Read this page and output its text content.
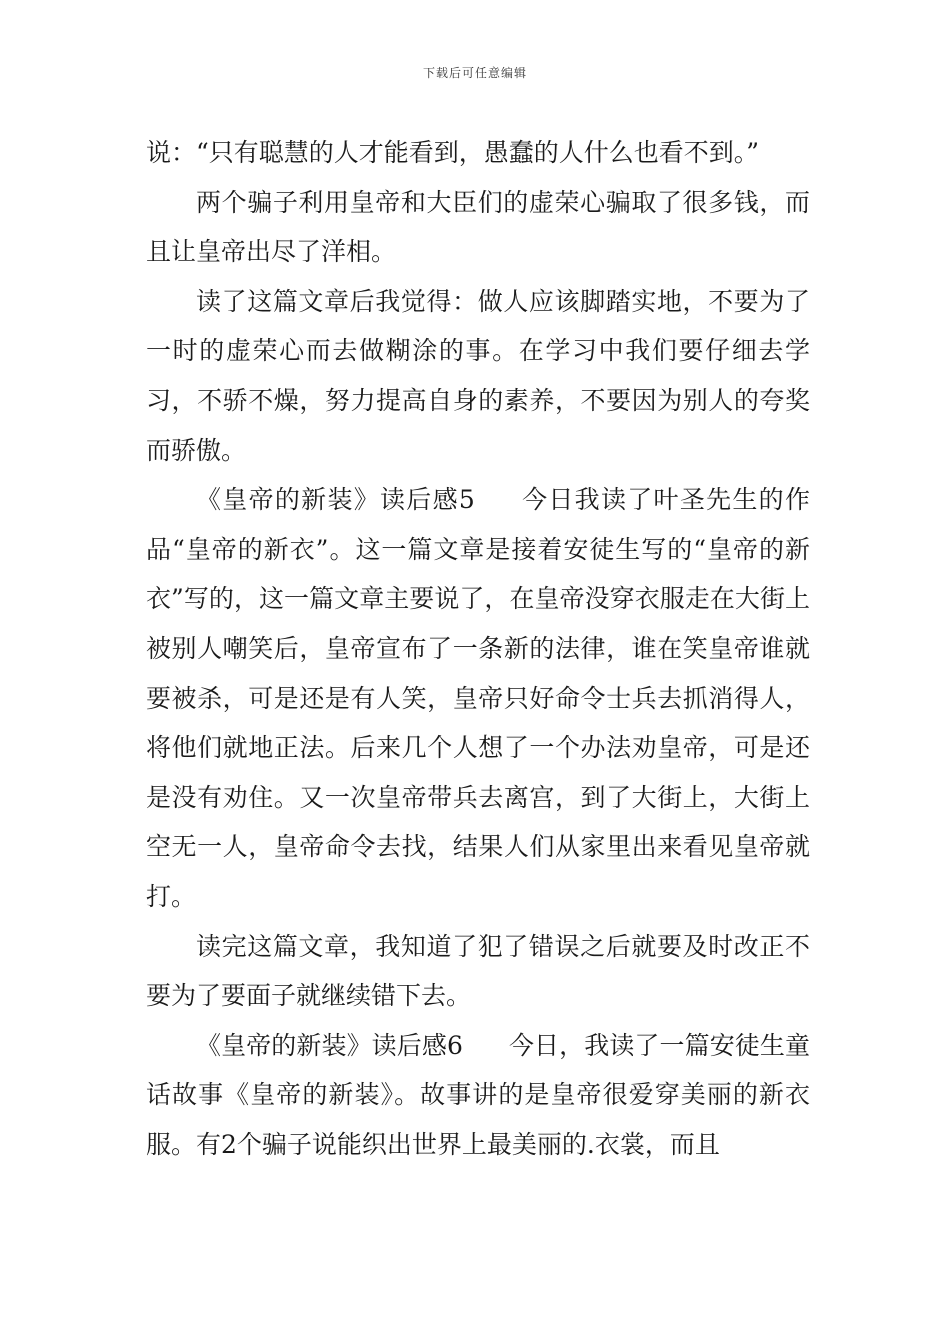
下载后可任意编辑

说：“只有聪慧的人才能看到，愚蠢的人什么也看不到。”

两个骗子利用皇帝和大臣们的虚荣心骗取了很多钱，而且让皇帝出尽了洋相。

读了这篇文章后我觉得：做人应该脚踏实地，不要为了一时的虚荣心而去做糊涂的事。在学习中我们要仔细去学习，不骄不燥，努力提高自身的素养，不要因为别人的夸奖而骄傲。

《皇帝的新装》读后感5 今日我读了叶圣先生的作品“皇帝的新衣”。这一篇文章是接着安徒生写的“皇帝的新衣”写的，这一篇文章主要说了，在皇帝没穿衣服走在大街上被别人嘲笑后，皇帝宣布了一条新的法律，谁在笑皇帝谁就要被杀，可是还是有人笑，皇帝只好命令士兵去抓消得人，将他们就地正法。后来几个人想了一个办法劝皇帝，可是还是没有劝住。又一次皇帝带兵去离宫，到了大街上，大街上空无一人，皇帝命令去找，结果人们从家里出来看见皇帝就打。

读完这篇文章，我知道了犯了错误之后就要及时改正不要为了要面子就继续错下去。

《皇帝的新装》读后感6 今日，我读了一篇安徒生童话故事《皇帝的新装》。故事讲的是皇帝很爱穿美丽的新衣服。有2个骗子说能织出世界上最美丽的.衣裳，而且
